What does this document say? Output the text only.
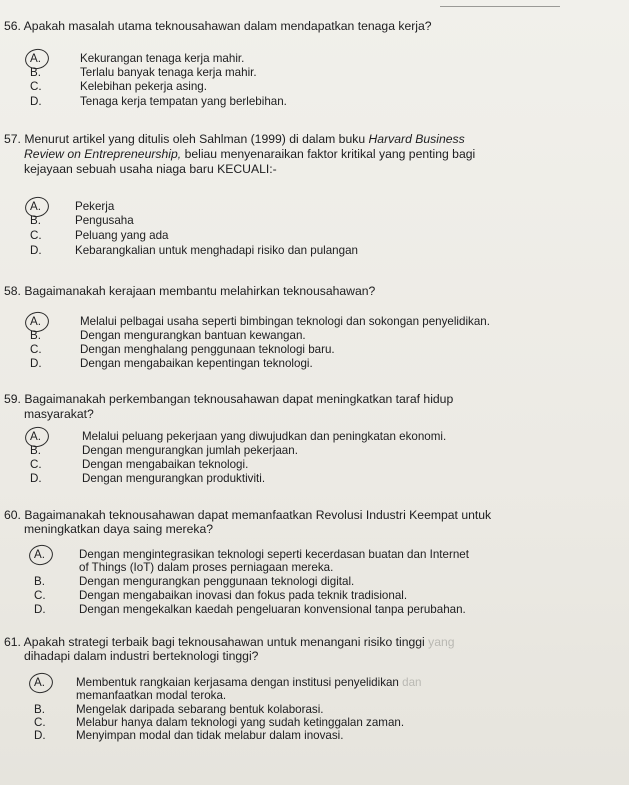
56. Apakah masalah utama teknousahawan dalam mendapatkan tenaga kerja?
A.	Kekurangan tenaga kerja mahir.
B.	Terlalu banyak tenaga kerja mahir.
C.	Kelebihan pekerja asing.
D.	Tenaga kerja tempatan yang berlebihan.
57. Menurut artikel yang ditulis oleh Sahlman (1999) di dalam buku Harvard Business
Review on Entrepreneurship, beliau menyenaraikan faktor kritikal yang penting bagi
kejayaan sebuah usaha niaga baru KECUALI:-
A.	Pekerja
B.	Pengusaha
C.	Peluang yang ada
D.	Kebarangkalian untuk menghadapi risiko dan pulangan
58. Bagaimanakah kerajaan membantu melahirkan teknousahawan?
A.	Melalui pelbagai usaha seperti bimbingan teknologi dan sokongan penyelidikan.
B.	Dengan mengurangkan bantuan kewangan.
C.	Dengan menghalang penggunaan teknologi baru.
D.	Dengan mengabaikan kepentingan teknologi.
59. Bagaimanakah perkembangan teknousahawan dapat meningkatkan taraf hidup
masyarakat?
A.	Melalui peluang pekerjaan yang diwujudkan dan peningkatan ekonomi.
B.	Dengan mengurangkan jumlah pekerjaan.
C.	Dengan mengabaikan teknologi.
D.	Dengan mengurangkan produktiviti.
60. Bagaimanakah teknousahawan dapat memanfaatkan Revolusi Industri Keempat untuk
meningkatkan daya saing mereka?
A.	Dengan mengintegrasikan teknologi seperti kecerdasan buatan dan Internet
of Things (IoT) dalam proses perniagaan mereka.
B.	Dengan mengurangkan penggunaan teknologi digital.
C.	Dengan mengabaikan inovasi dan fokus pada teknik tradisional.
D.	Dengan mengekalkan kaedah pengeluaran konvensional tanpa perubahan.
61. Apakah strategi terbaik bagi teknousahawan untuk menangani risiko tinggi yang
dihadapi dalam industri berteknologi tinggi?
A.	Membentuk rangkaian kerjasama dengan institusi penyelidikan dan
memanfaatkan modal teroka.
B.	Mengelak daripada sebarang bentuk kolaborasi.
C.	Melabur hanya dalam teknologi yang sudah ketinggalan zaman.
D.	Menyimpan modal dan tidak melabur dalam inovasi.
